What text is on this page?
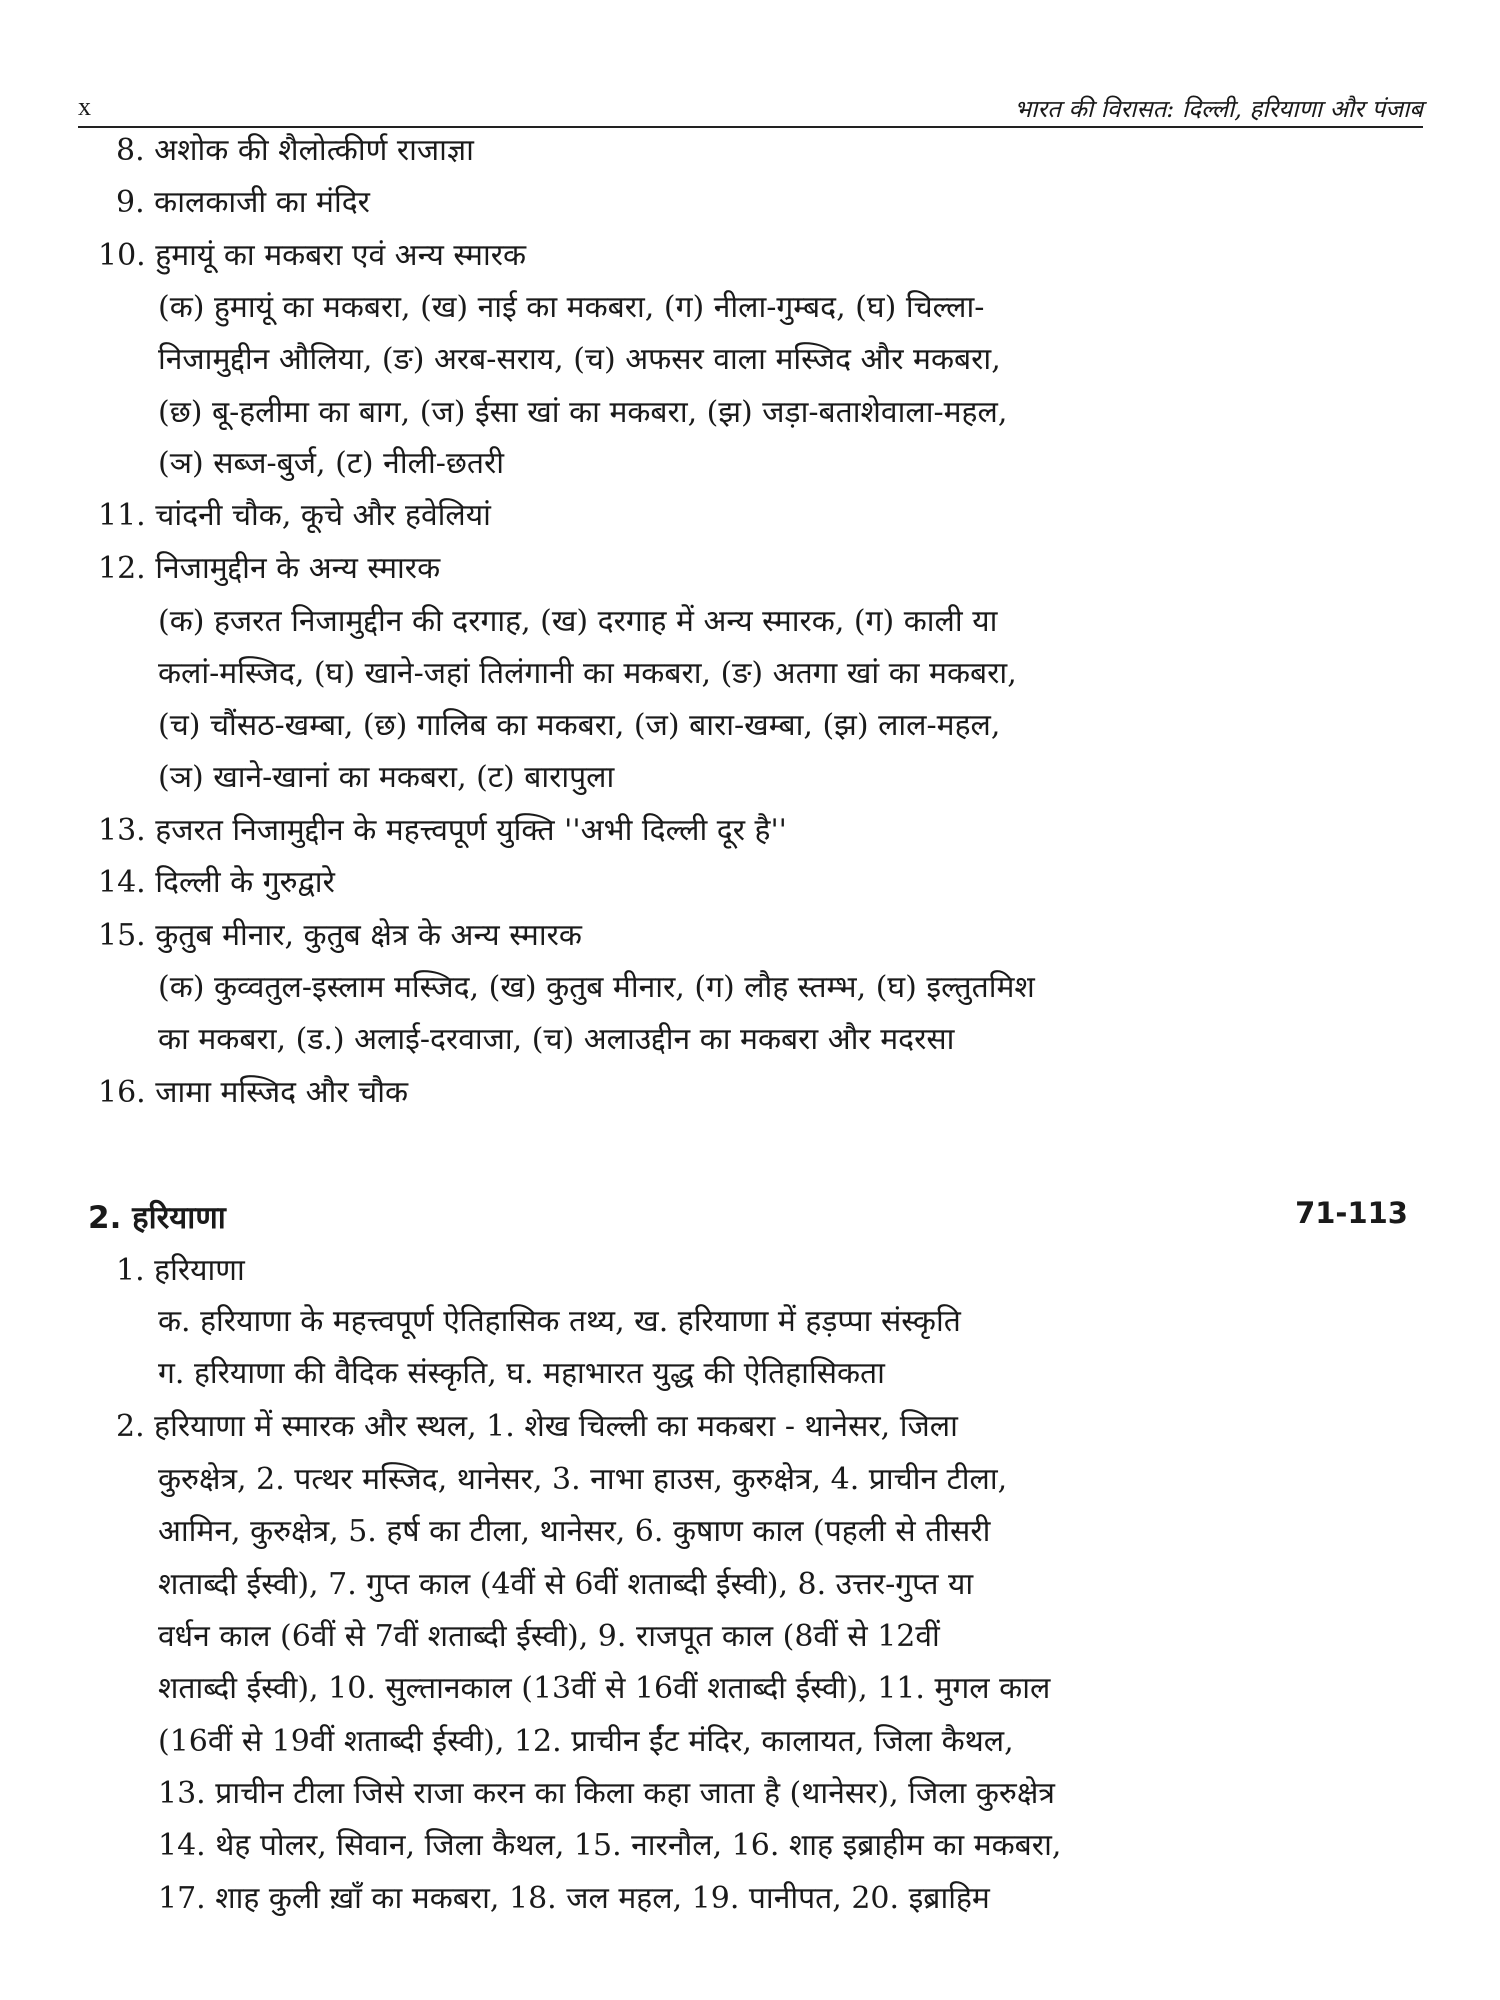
x	भारत की विरासत: दिल्ली, हरियाणा और पंजाब
8. अशोक की शैलोत्कीर्ण राजाज्ञा
9. कालकाजी का मंदिर
10. हुमायूं का मकबरा एवं अन्य स्मारक
(क) हुमायूं का मकबरा, (ख) नाई का मकबरा, (ग) नीला-गुम्बद, (घ) चिल्ला-
निजामुद्दीन औलिया, (ङ) अरब-सराय, (च) अफसर वाला मस्जिद और मकबरा,
(छ) बू-हलीमा का बाग, (ज) ईसा खां का मकबरा, (झ) जड़ा-बताशेवाला-महल,
(ञ) सब्ज-बुर्ज, (ट) नीली-छतरी
11. चांदनी चौक, कूचे और हवेलियां
12. निजामुद्दीन के अन्य स्मारक
(क) हजरत निजामुद्दीन की दरगाह, (ख) दरगाह में अन्य स्मारक, (ग) काली या
कलां-मस्जिद, (घ) खाने-जहां तिलंगानी का मकबरा, (ङ) अतगा खां का मकबरा,
(च) चौंसठ-खम्बा, (छ) गालिब का मकबरा, (ज) बारा-खम्बा, (झ) लाल-महल,
(ञ) खाने-खानां का मकबरा, (ट) बारापुला
13. हजरत निजामुद्दीन के महत्त्वपूर्ण युक्ति ''अभी दिल्ली दूर है''
14. दिल्ली के गुरुद्वारे
15. कुतुब मीनार, कुतुब क्षेत्र के अन्य स्मारक
(क) कुव्वतुल-इस्लाम मस्जिद, (ख) कुतुब मीनार, (ग) लौह स्तम्भ, (घ) इल्तुतमिश
का मकबरा, (ड.) अलाई-दरवाजा, (च) अलाउद्दीन का मकबरा और मदरसा
16. जामा मस्जिद और चौक
2. हरियाणा	71-113
1. हरियाणा
क. हरियाणा के महत्त्वपूर्ण ऐतिहासिक तथ्य, ख. हरियाणा में हड़प्पा संस्कृति
ग. हरियाणा की वैदिक संस्कृति, घ. महाभारत युद्ध की ऐतिहासिकता
2. हरियाणा में स्मारक और स्थल, 1. शेख चिल्ली का मकबरा - थानेसर, जिला
कुरुक्षेत्र, 2. पत्थर मस्जिद, थानेसर, 3. नाभा हाउस, कुरुक्षेत्र, 4. प्राचीन टीला,
आमिन, कुरुक्षेत्र, 5. हर्ष का टीला, थानेसर, 6. कुषाण काल (पहली से तीसरी
शताब्दी ईस्वी), 7. गुप्त काल (4वीं से 6वीं शताब्दी ईस्वी), 8. उत्तर-गुप्त या
वर्धन काल (6वीं से 7वीं शताब्दी ईस्वी), 9. राजपूत काल (8वीं से 12वीं
शताब्दी ईस्वी), 10. सुल्तानकाल (13वीं से 16वीं शताब्दी ईस्वी), 11. मुगल काल
(16वीं से 19वीं शताब्दी ईस्वी), 12. प्राचीन ईंट मंदिर, कालायत, जिला कैथल,
13. प्राचीन टीला जिसे राजा करन का किला कहा जाता है (थानेसर), जिला कुरुक्षेत्र
14. थेह पोलर, सिवान, जिला कैथल, 15. नारनौल, 16. शाह इब्राहीम का मकबरा,
17. शाह कुली ख़ाँ का मकबरा, 18. जल महल, 19. पानीपत, 20. इब्राहिम
